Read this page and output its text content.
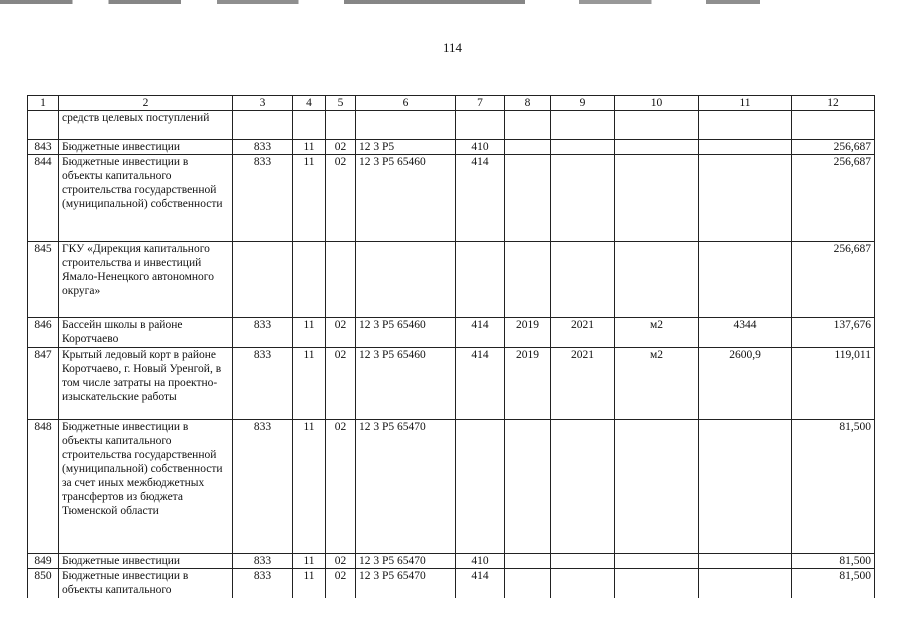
114
1	2	3	4	5	6	7	8	9	10	11	12
	средств целевых поступлений										
843	Бюджетные инвестиции	833	11	02	12 3 Р5	410					256,687
844	Бюджетные инвестиции в объекты капитального строительства государственной (муниципальной) собственности	833	11	02	12 3 Р5 65460	414					256,687
845	ГКУ «Дирекция капитального строительства и инвестиций Ямало-Ненецкого автономного округа»										256,687
846	Бассейн школы в районе Коротчаево	833	11	02	12 3 Р5 65460	414	2019	2021	м2	4344	137,676
847	Крытый ледовый корт в районе Коротчаево, г. Новый Уренгой, в том числе затраты на проектно-изыскательские работы	833	11	02	12 3 Р5 65460	414	2019	2021	м2	2600,9	119,011
848	Бюджетные инвестиции в объекты капитального строительства государственной (муниципальной) собственности за счет иных межбюджетных трансфертов из бюджета Тюменской области	833	11	02	12 3 Р5 65470						81,500
849	Бюджетные инвестиции	833	11	02	12 3 Р5 65470	410					81,500
850	Бюджетные инвестиции в объекты капитального	833	11	02	12 3 Р5 65470	414					81,500
